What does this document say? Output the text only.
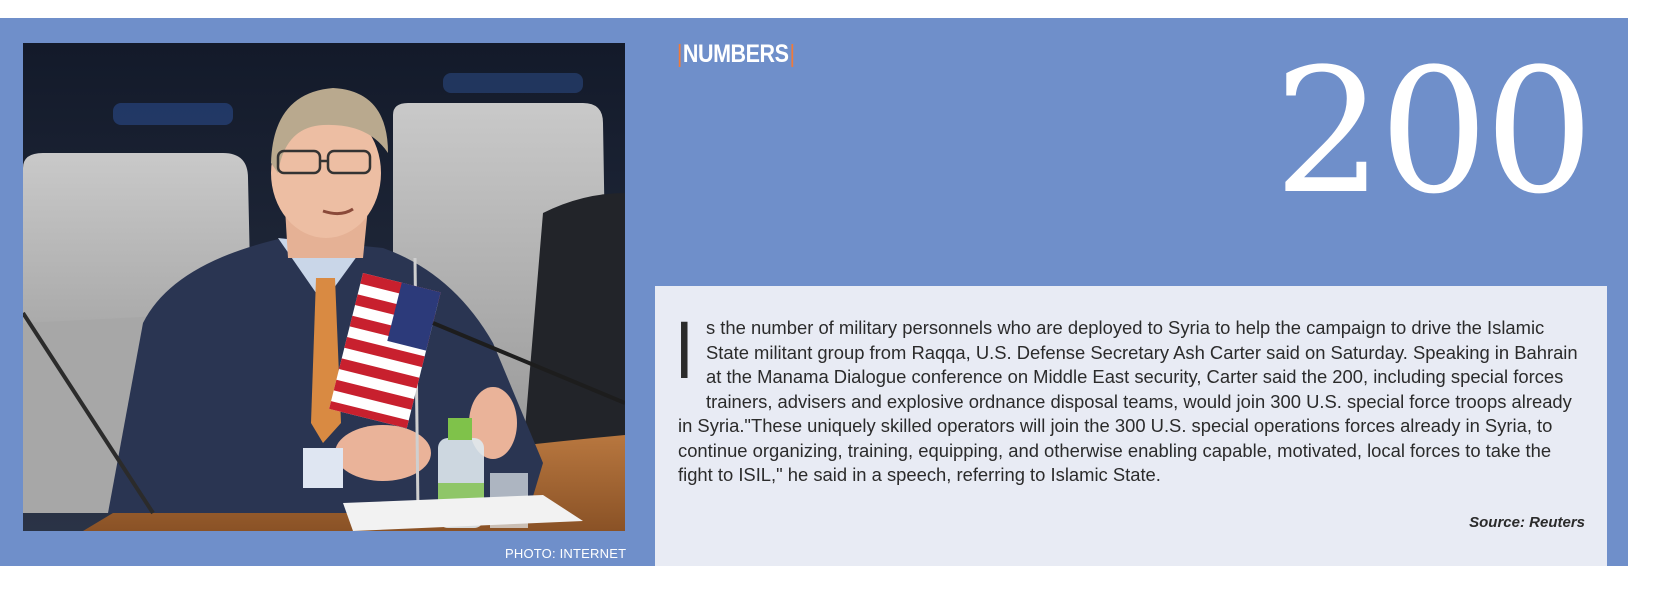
PHOTO: INTERNET
|NUMBERS|	200
Is the number of military personnels who are deployed to Syria to help the campaign to drive the Islamic State militant group from Raqqa, U.S. Defense Secretary Ash Carter said on Saturday. Speaking in Bahrain at the Manama Dialogue conference on Middle East security, Carter said the 200, including special forces trainers, advisers and explosive ordnance disposal teams, would join 300 U.S. special force troops already in Syria."These uniquely skilled operators will join the 300 U.S. special operations forces already in Syria, to continue organizing, training, equipping, and otherwise enabling capable, motivated, local forces to take the fight to ISIL," he said in a speech, referring to Islamic State.
Source: Reuters
